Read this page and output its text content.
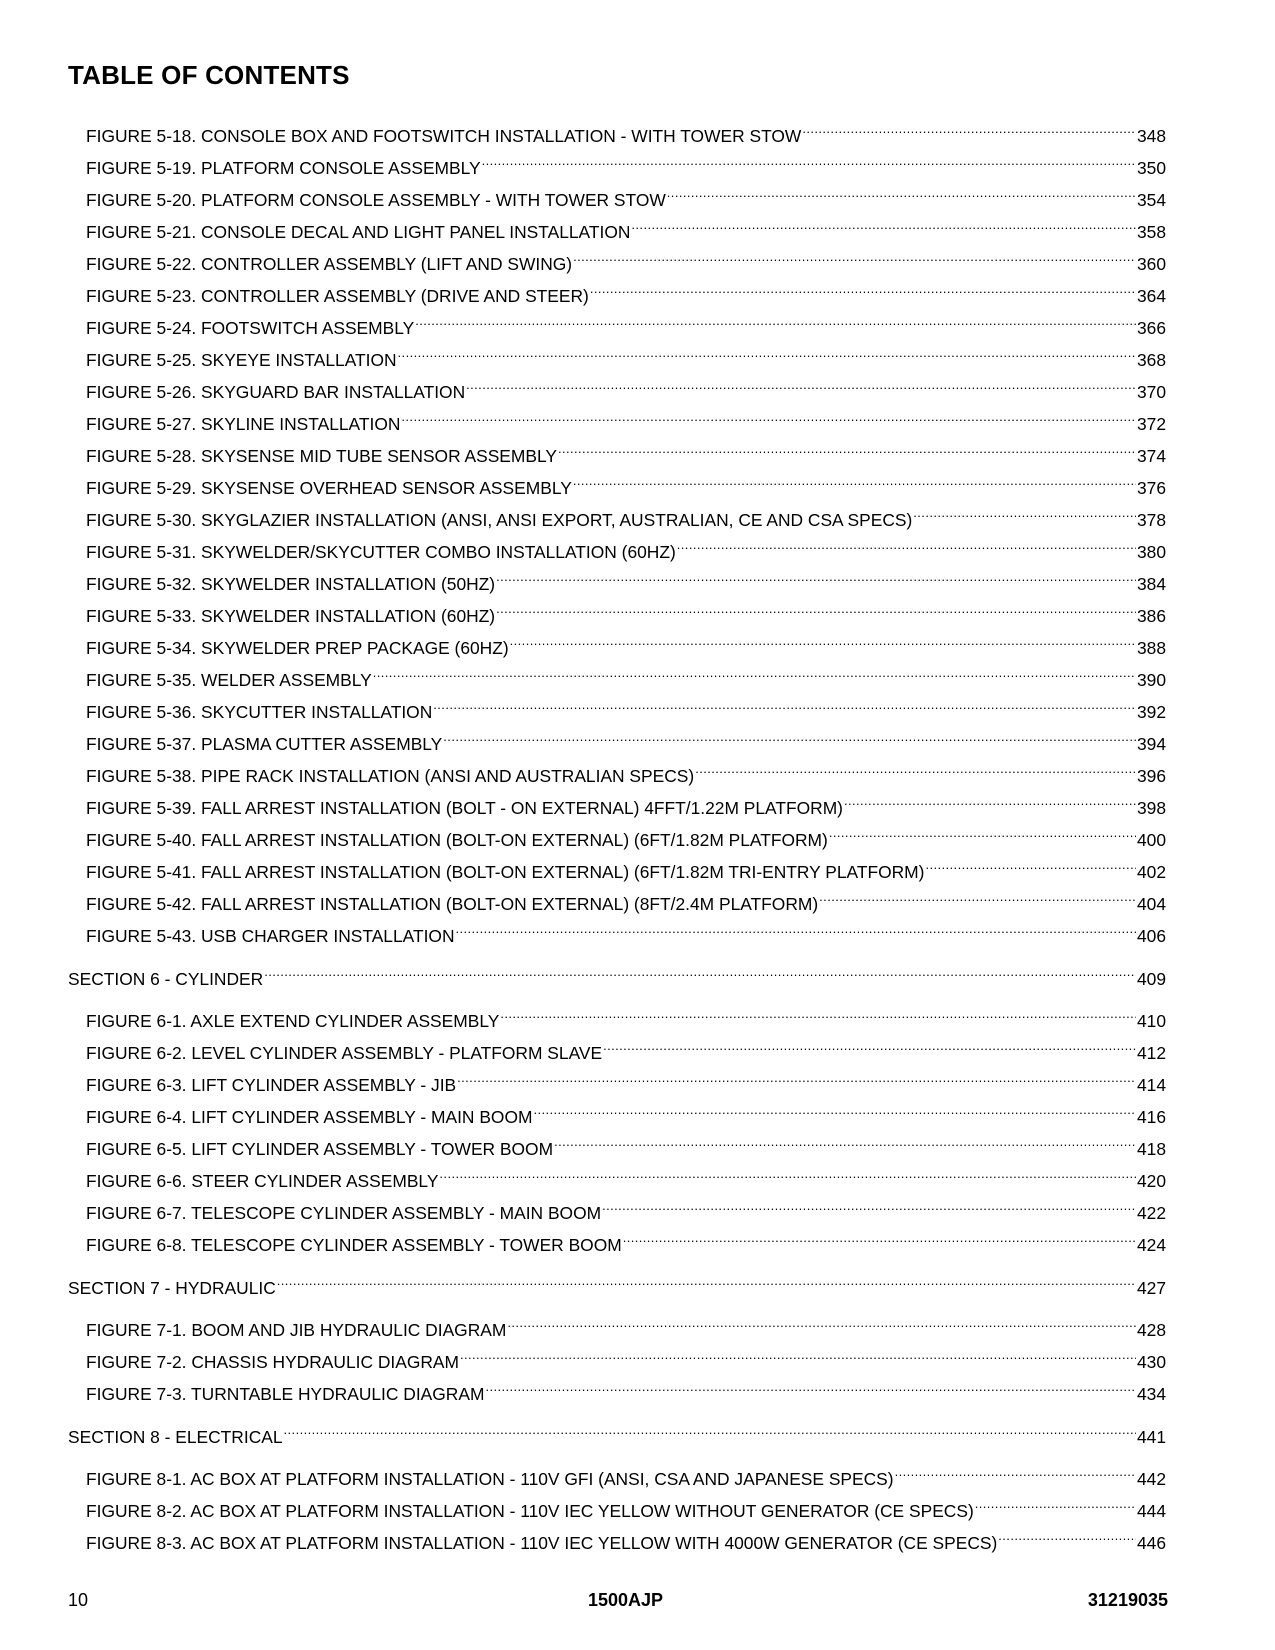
TABLE OF CONTENTS
FIGURE 5-18. CONSOLE BOX AND FOOTSWITCH INSTALLATION - WITH TOWER STOW .....	348
FIGURE 5-19. PLATFORM CONSOLE ASSEMBLY .....	350
FIGURE 5-20. PLATFORM CONSOLE ASSEMBLY - WITH TOWER STOW .....	354
FIGURE 5-21. CONSOLE DECAL AND LIGHT PANEL INSTALLATION .....	358
FIGURE 5-22. CONTROLLER ASSEMBLY (LIFT AND SWING) .....	360
FIGURE 5-23. CONTROLLER ASSEMBLY (DRIVE AND STEER) .....	364
FIGURE 5-24. FOOTSWITCH ASSEMBLY .....	366
FIGURE 5-25. SKYEYE INSTALLATION .....	368
FIGURE 5-26. SKYGUARD BAR INSTALLATION .....	370
FIGURE 5-27. SKYLINE INSTALLATION .....	372
FIGURE 5-28. SKYSENSE MID TUBE SENSOR ASSEMBLY .....	374
FIGURE 5-29. SKYSENSE OVERHEAD SENSOR ASSEMBLY .....	376
FIGURE 5-30. SKYGLAZIER INSTALLATION (ANSI, ANSI EXPORT, AUSTRALIAN, CE AND CSA SPECS) .....	378
FIGURE 5-31. SKYWELDER/SKYCUTTER COMBO INSTALLATION (60HZ) .....	380
FIGURE 5-32. SKYWELDER INSTALLATION (50HZ) .....	384
FIGURE 5-33. SKYWELDER INSTALLATION (60HZ) .....	386
FIGURE 5-34. SKYWELDER PREP PACKAGE (60HZ) .....	388
FIGURE 5-35. WELDER ASSEMBLY .....	390
FIGURE 5-36. SKYCUTTER INSTALLATION .....	392
FIGURE 5-37. PLASMA CUTTER ASSEMBLY .....	394
FIGURE 5-38. PIPE RACK INSTALLATION (ANSI AND AUSTRALIAN SPECS) .....	396
FIGURE 5-39. FALL ARREST INSTALLATION (BOLT - ON EXTERNAL) 4FFT/1.22M PLATFORM) .....	398
FIGURE 5-40. FALL ARREST INSTALLATION (BOLT-ON EXTERNAL) (6FT/1.82M PLATFORM) .....	400
FIGURE 5-41. FALL ARREST INSTALLATION (BOLT-ON EXTERNAL) (6FT/1.82M TRI-ENTRY PLATFORM) .....	402
FIGURE 5-42. FALL ARREST INSTALLATION (BOLT-ON EXTERNAL) (8FT/2.4M PLATFORM) .....	404
FIGURE 5-43. USB CHARGER INSTALLATION .....	406
SECTION 6 - CYLINDER .....	409
FIGURE 6-1. AXLE EXTEND CYLINDER ASSEMBLY .....	410
FIGURE 6-2. LEVEL CYLINDER ASSEMBLY - PLATFORM SLAVE .....	412
FIGURE 6-3. LIFT CYLINDER ASSEMBLY - JIB .....	414
FIGURE 6-4. LIFT CYLINDER ASSEMBLY - MAIN BOOM .....	416
FIGURE 6-5. LIFT CYLINDER ASSEMBLY - TOWER BOOM .....	418
FIGURE 6-6. STEER CYLINDER ASSEMBLY .....	420
FIGURE 6-7. TELESCOPE CYLINDER ASSEMBLY - MAIN BOOM .....	422
FIGURE 6-8. TELESCOPE CYLINDER ASSEMBLY - TOWER BOOM .....	424
SECTION 7 - HYDRAULIC .....	427
FIGURE 7-1. BOOM AND JIB HYDRAULIC DIAGRAM .....	428
FIGURE 7-2. CHASSIS HYDRAULIC DIAGRAM .....	430
FIGURE 7-3. TURNTABLE HYDRAULIC DIAGRAM .....	434
SECTION 8 - ELECTRICAL .....	441
FIGURE 8-1. AC BOX AT PLATFORM INSTALLATION - 110V GFI (ANSI, CSA AND JAPANESE SPECS) .....	442
FIGURE 8-2. AC BOX AT PLATFORM INSTALLATION - 110V IEC YELLOW WITHOUT GENERATOR (CE SPECS) .....	444
FIGURE 8-3. AC BOX AT PLATFORM INSTALLATION - 110V IEC YELLOW WITH 4000W GENERATOR (CE SPECS) .....	446
10	1500AJP	31219035
